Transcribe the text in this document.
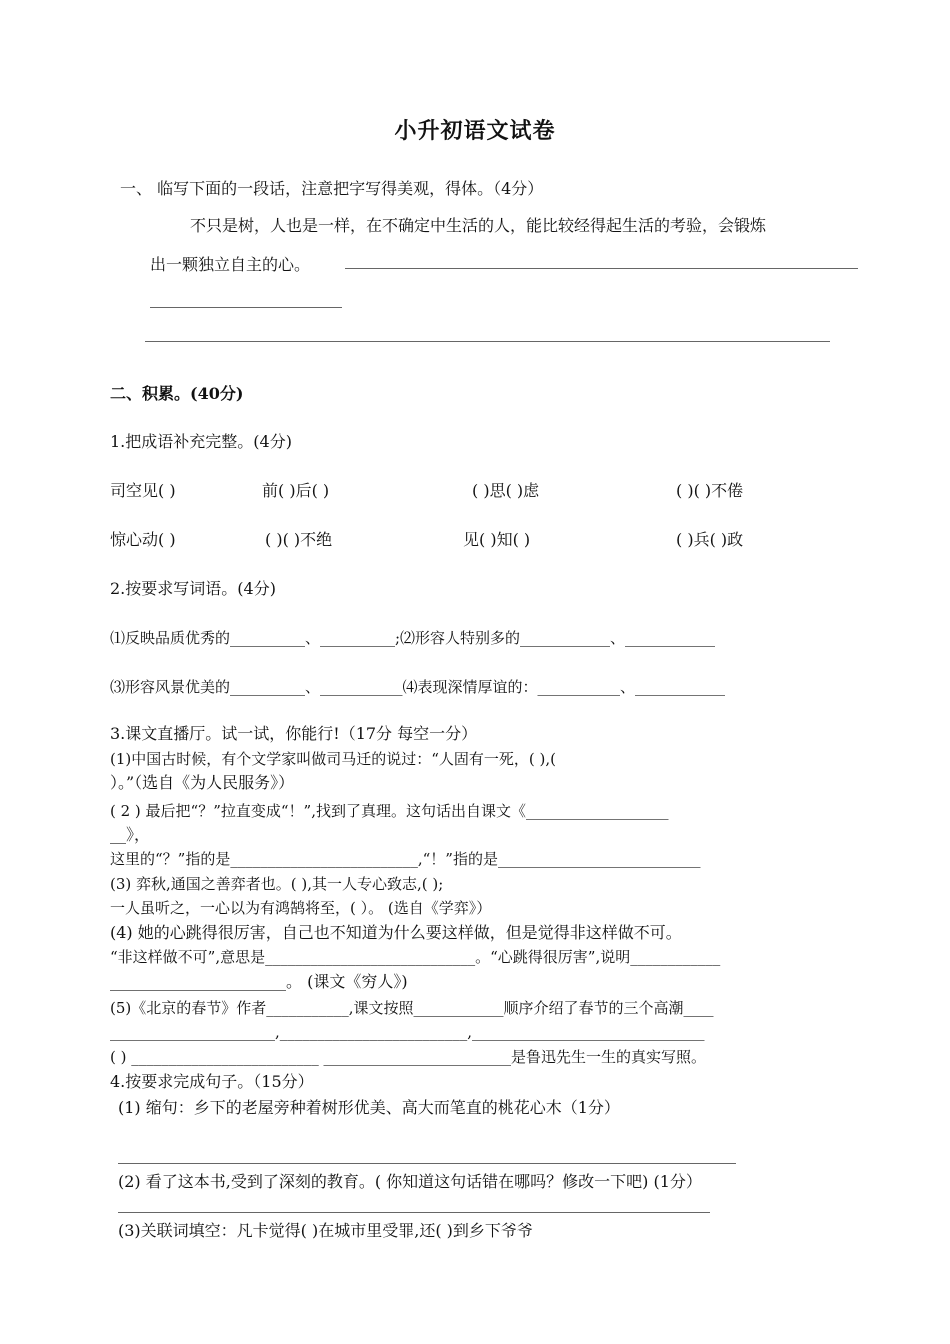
小升初语文试卷
一、 临写下面的一段话，注意把字写得美观，得体。（4分）
不只是树，人也是一样，在不确定中生活的人，能比较经得起生活的考验，会锻炼
出一颗独立自主的心。
二、积累。(40分)
1.把成语补充完整。(4分)
司空见( )	前( )后( )	( )思( )虑	( )( )不倦
惊心动( )	( )( )不绝	见( )知( )	( )兵( )政
2.按要求写词语。(4分)
⑴反映品质优秀的__________、__________;⑵形容人特别多的____________、____________
⑶形容风景优美的__________、___________⑷表现深情厚谊的：___________、____________
3.课文直播厅。试一试，你能行!（17分 每空一分）
(1)中国古时候，有个文学家叫做司马迁的说过：“人固有一死，( ),(
）。”（选自《为人民服务》）
( 2 ) 最后把“？”拉直变成“！”,找到了真理。这句话出自课文《___________________
__》，
这里的“？”指的是_________________________,“！”指的是___________________________
(3) 弈秋,通国之善弈者也。( ),其一人专心致志,( );
一人虽听之，一心以为有鸿鹄将至，( ）。 (选自《学弈》）
(4) 她的心跳得很厉害，自己也不知道为什么要这样做，但是觉得非这样做不可。
“非这样做不可”,意思是____________________________。“心跳得很厉害”,说明____________
______________________。 (课文《穷人》)
(5)《北京的春节》作者___________,课文按照____________顺序介绍了春节的三个高潮____
______________________,_________________________,_______________________________
( ) _________________________ _________________________是鲁迅先生一生的真实写照。
4.按要求完成句子。（15分）
(1) 缩句：乡下的老屋旁种着树形优美、高大而笔直的桃花心木（1分）
(2) 看了这本书,受到了深刻的教育。( 你知道这句话错在哪吗？修改一下吧) (1分）
(3)关联词填空：凡卡觉得( )在城市里受罪,还( )到乡下爷爷
